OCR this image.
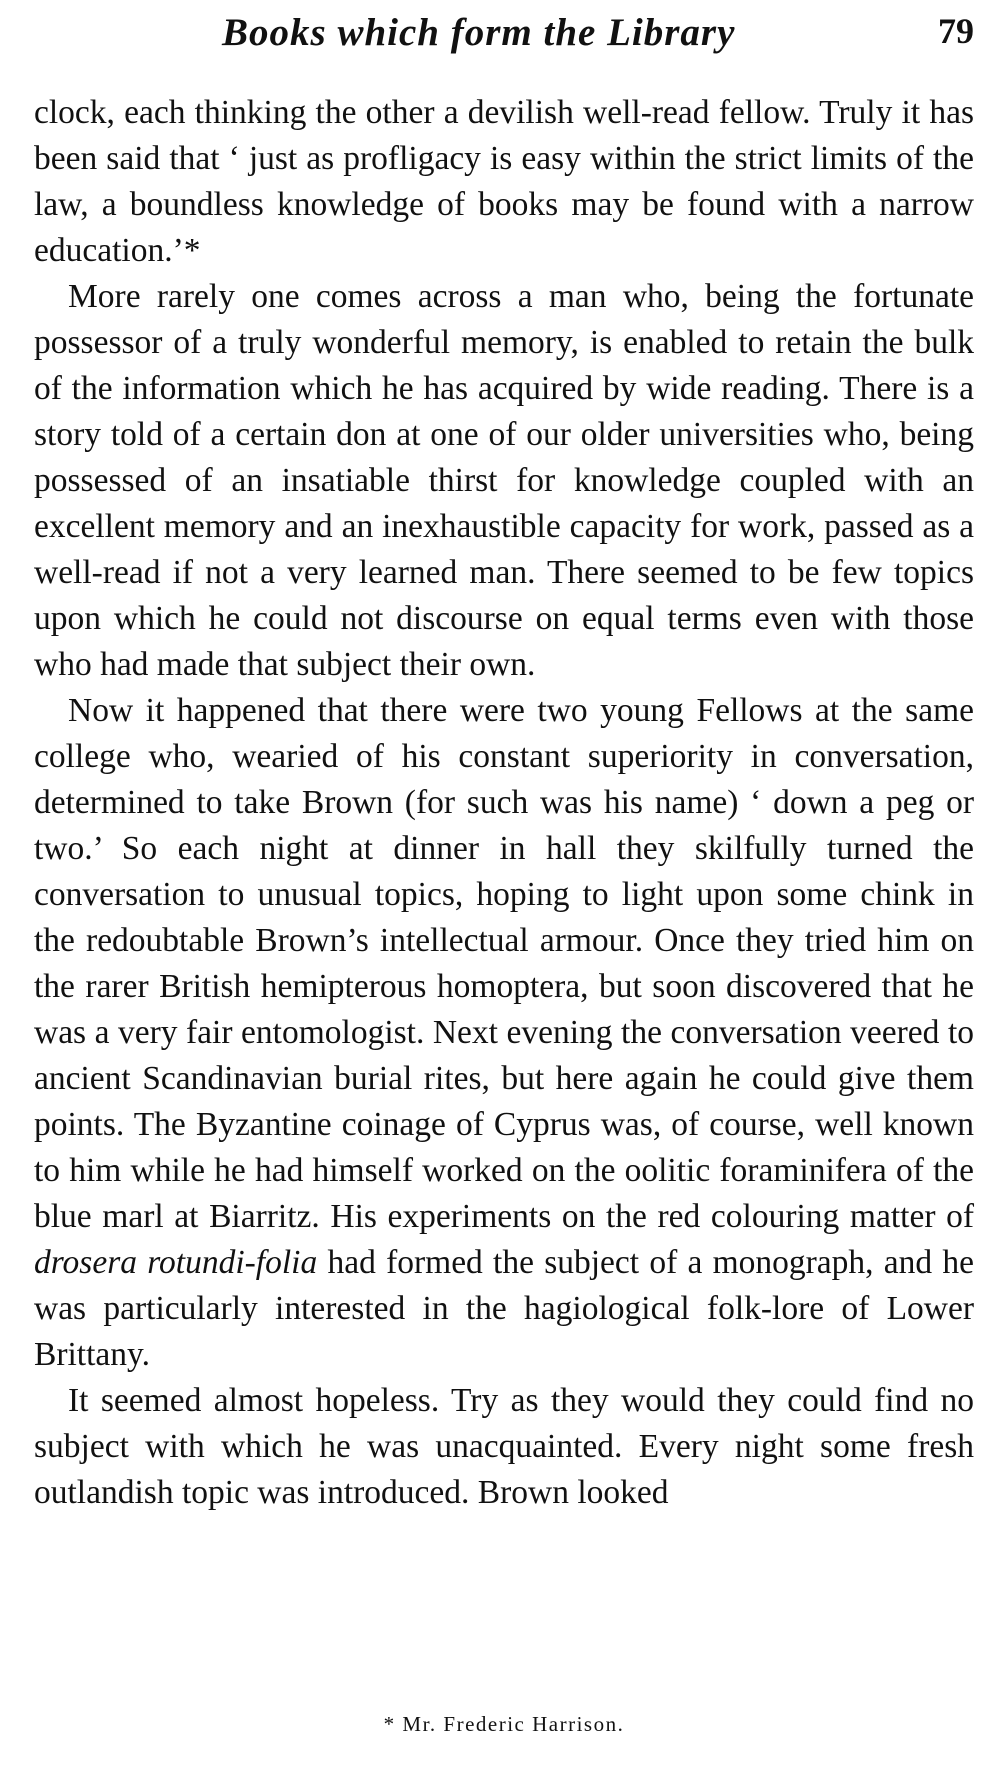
Books which form the Library	79

clock, each thinking the other a devilish well-read fellow. Truly it has been said that ‘ just as profligacy is easy within the strict limits of the law, a boundless knowledge of books may be found with a narrow education.’*

More rarely one comes across a man who, being the fortunate possessor of a truly wonderful memory, is enabled to retain the bulk of the information which he has acquired by wide reading. There is a story told of a certain don at one of our older universities who, being possessed of an insatiable thirst for knowledge coupled with an excellent memory and an inexhaustible capacity for work, passed as a well-read if not a very learned man. There seemed to be few topics upon which he could not discourse on equal terms even with those who had made that subject their own.

Now it happened that there were two young Fellows at the same college who, wearied of his constant superiority in conversation, determined to take Brown (for such was his name) ‘ down a peg or two.’ So each night at dinner in hall they skilfully turned the conversation to unusual topics, hoping to light upon some chink in the redoubtable Brown’s intellectual armour. Once they tried him on the rarer British hemipterous homoptera, but soon discovered that he was a very fair entomologist. Next evening the conversation veered to ancient Scandinavian burial rites, but here again he could give them points. The Byzantine coinage of Cyprus was, of course, well known to him while he had himself worked on the oolitic foraminifera of the blue marl at Biarritz. His experiments on the red colouring matter of drosera rotundi-folia had formed the subject of a monograph, and he was particularly interested in the hagiological folk-lore of Lower Brittany.

It seemed almost hopeless. Try as they would they could find no subject with which he was unacquainted. Every night some fresh outlandish topic was introduced. Brown looked

* Mr. Frederic Harrison.
